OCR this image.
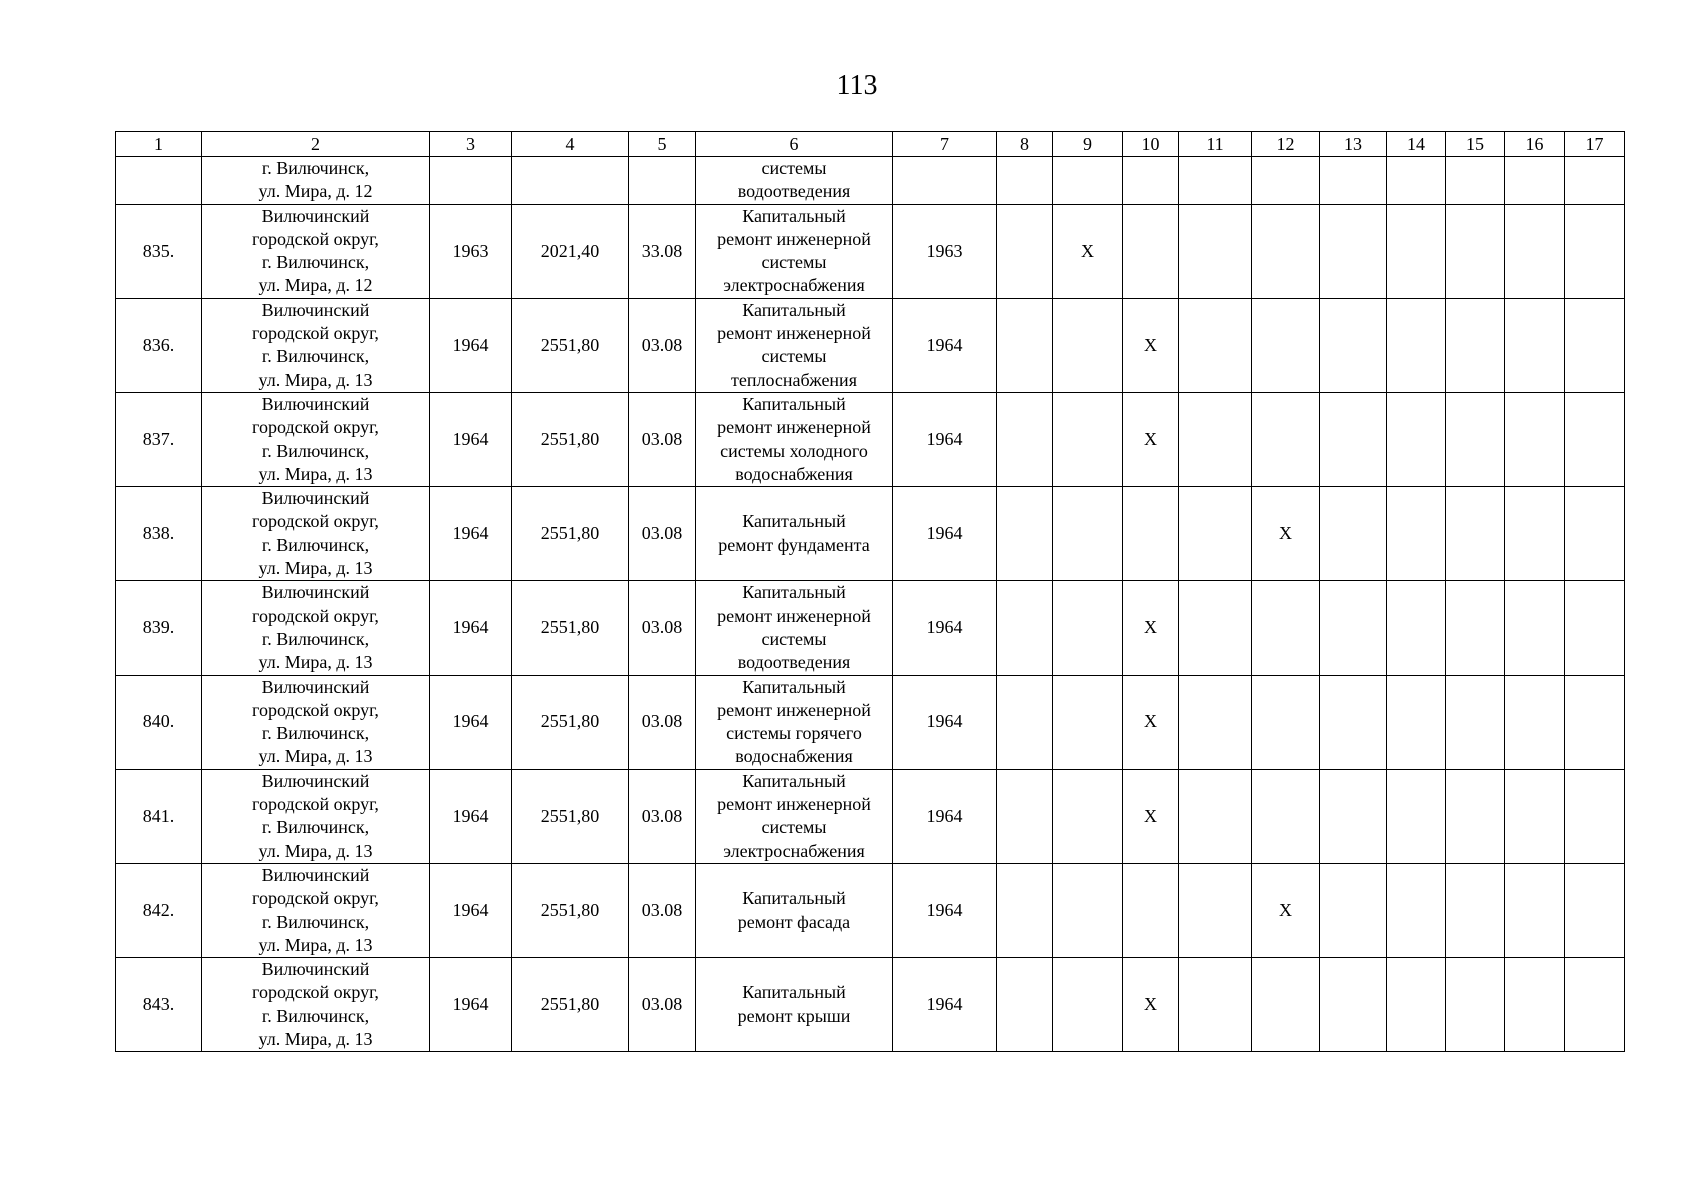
113
1	2	3	4	5	6	7	8	9	10	11	12	13	14	15	16	17
	г. Вилючинск,
ул. Мира, д. 12				системы
водоотведения											
835.	Вилючинский
городской округ,
г. Вилючинск,
ул. Мира, д. 12	1963	2021,40	33.08	Капитальный
ремонт инженерной
системы
электроснабжения	1963		Х								
836.	Вилючинский
городской округ,
г. Вилючинск,
ул. Мира, д. 13	1964	2551,80	03.08	Капитальный
ремонт инженерной
системы
теплоснабжения	1964			Х							
837.	Вилючинский
городской округ,
г. Вилючинск,
ул. Мира, д. 13	1964	2551,80	03.08	Капитальный
ремонт инженерной
системы холодного
водоснабжения	1964			Х							
838.	Вилючинский
городской округ,
г. Вилючинск,
ул. Мира, д. 13	1964	2551,80	03.08	Капитальный
ремонт фундамента	1964					Х					
839.	Вилючинский
городской округ,
г. Вилючинск,
ул. Мира, д. 13	1964	2551,80	03.08	Капитальный
ремонт инженерной
системы
водоотведения	1964			Х							
840.	Вилючинский
городской округ,
г. Вилючинск,
ул. Мира, д. 13	1964	2551,80	03.08	Капитальный
ремонт инженерной
системы горячего
водоснабжения	1964			Х							
841.	Вилючинский
городской округ,
г. Вилючинск,
ул. Мира, д. 13	1964	2551,80	03.08	Капитальный
ремонт инженерной
системы
электроснабжения	1964			Х							
842.	Вилючинский
городской округ,
г. Вилючинск,
ул. Мира, д. 13	1964	2551,80	03.08	Капитальный
ремонт фасада	1964					Х					
843.	Вилючинский
городской округ,
г. Вилючинск,
ул. Мира, д. 13	1964	2551,80	03.08	Капитальный
ремонт крыши	1964			Х							
